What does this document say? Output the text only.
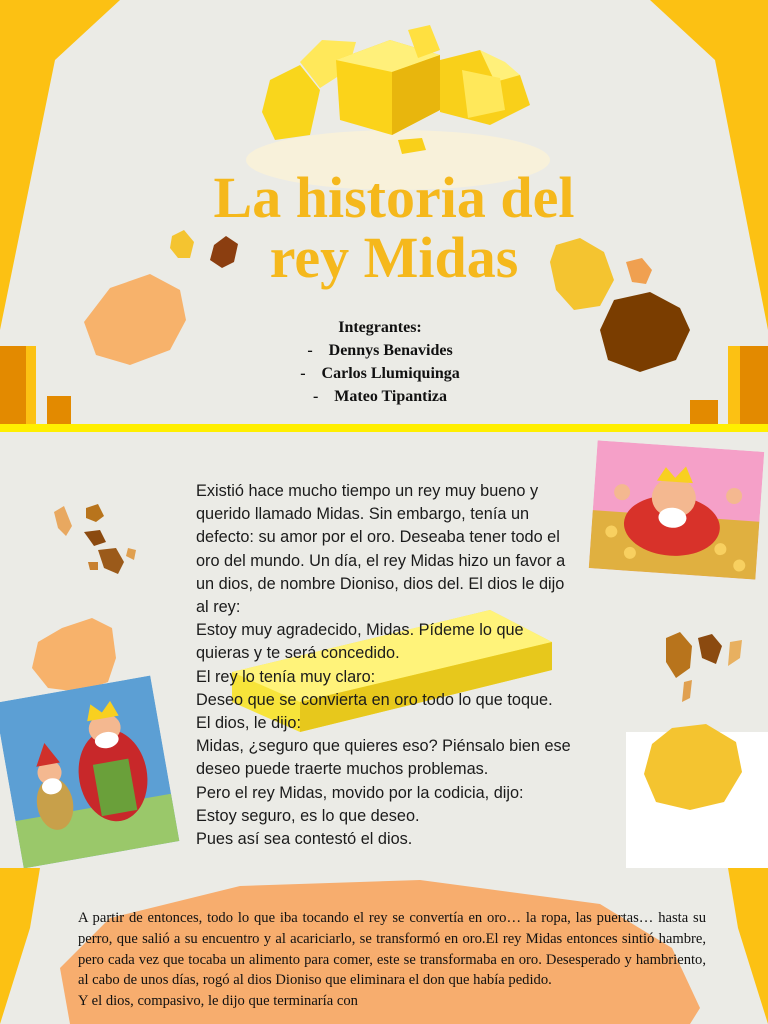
La historia del
rey Midas
Integrantes:
-    Dennys Benavides
-    Carlos Llumiquinga
-    Mateo Tipantiza

Existió hace mucho tiempo un rey muy bueno y querido llamado Midas. Sin embargo, tenía un defecto: su amor por el oro. Deseaba tener todo el oro del mundo. Un día, el rey Midas hizo un favor a un dios, de nombre Dioniso, dios del. El dios le dijo al rey:

Estoy muy agradecido, Midas. Pídeme lo que quieras y te será concedido.

El rey lo tenía muy claro:

Deseo que se convierta en oro todo lo que toque.

El dios, le dijo:

Midas, ¿seguro que quieres eso? Piénsalo bien ese deseo puede traerte muchos problemas.

Pero el rey Midas, movido por la codicia, dijo:

Estoy seguro, es lo que deseo.

Pues así sea contestó el dios.

A partir de entonces, todo lo que iba tocando el rey se convertía en oro… la ropa, las puertas… hasta su perro, que salió a su encuentro y al acariciarlo, se transformó en oro.El rey Midas entonces sintió hambre, pero cada vez que tocaba un alimento para comer, este se transformaba en oro. Desesperado y hambriento, al cabo de unos días, rogó al dios Dioniso que eliminara el don que había pedido.

Y el dios, compasivo, le dijo que terminaría con
